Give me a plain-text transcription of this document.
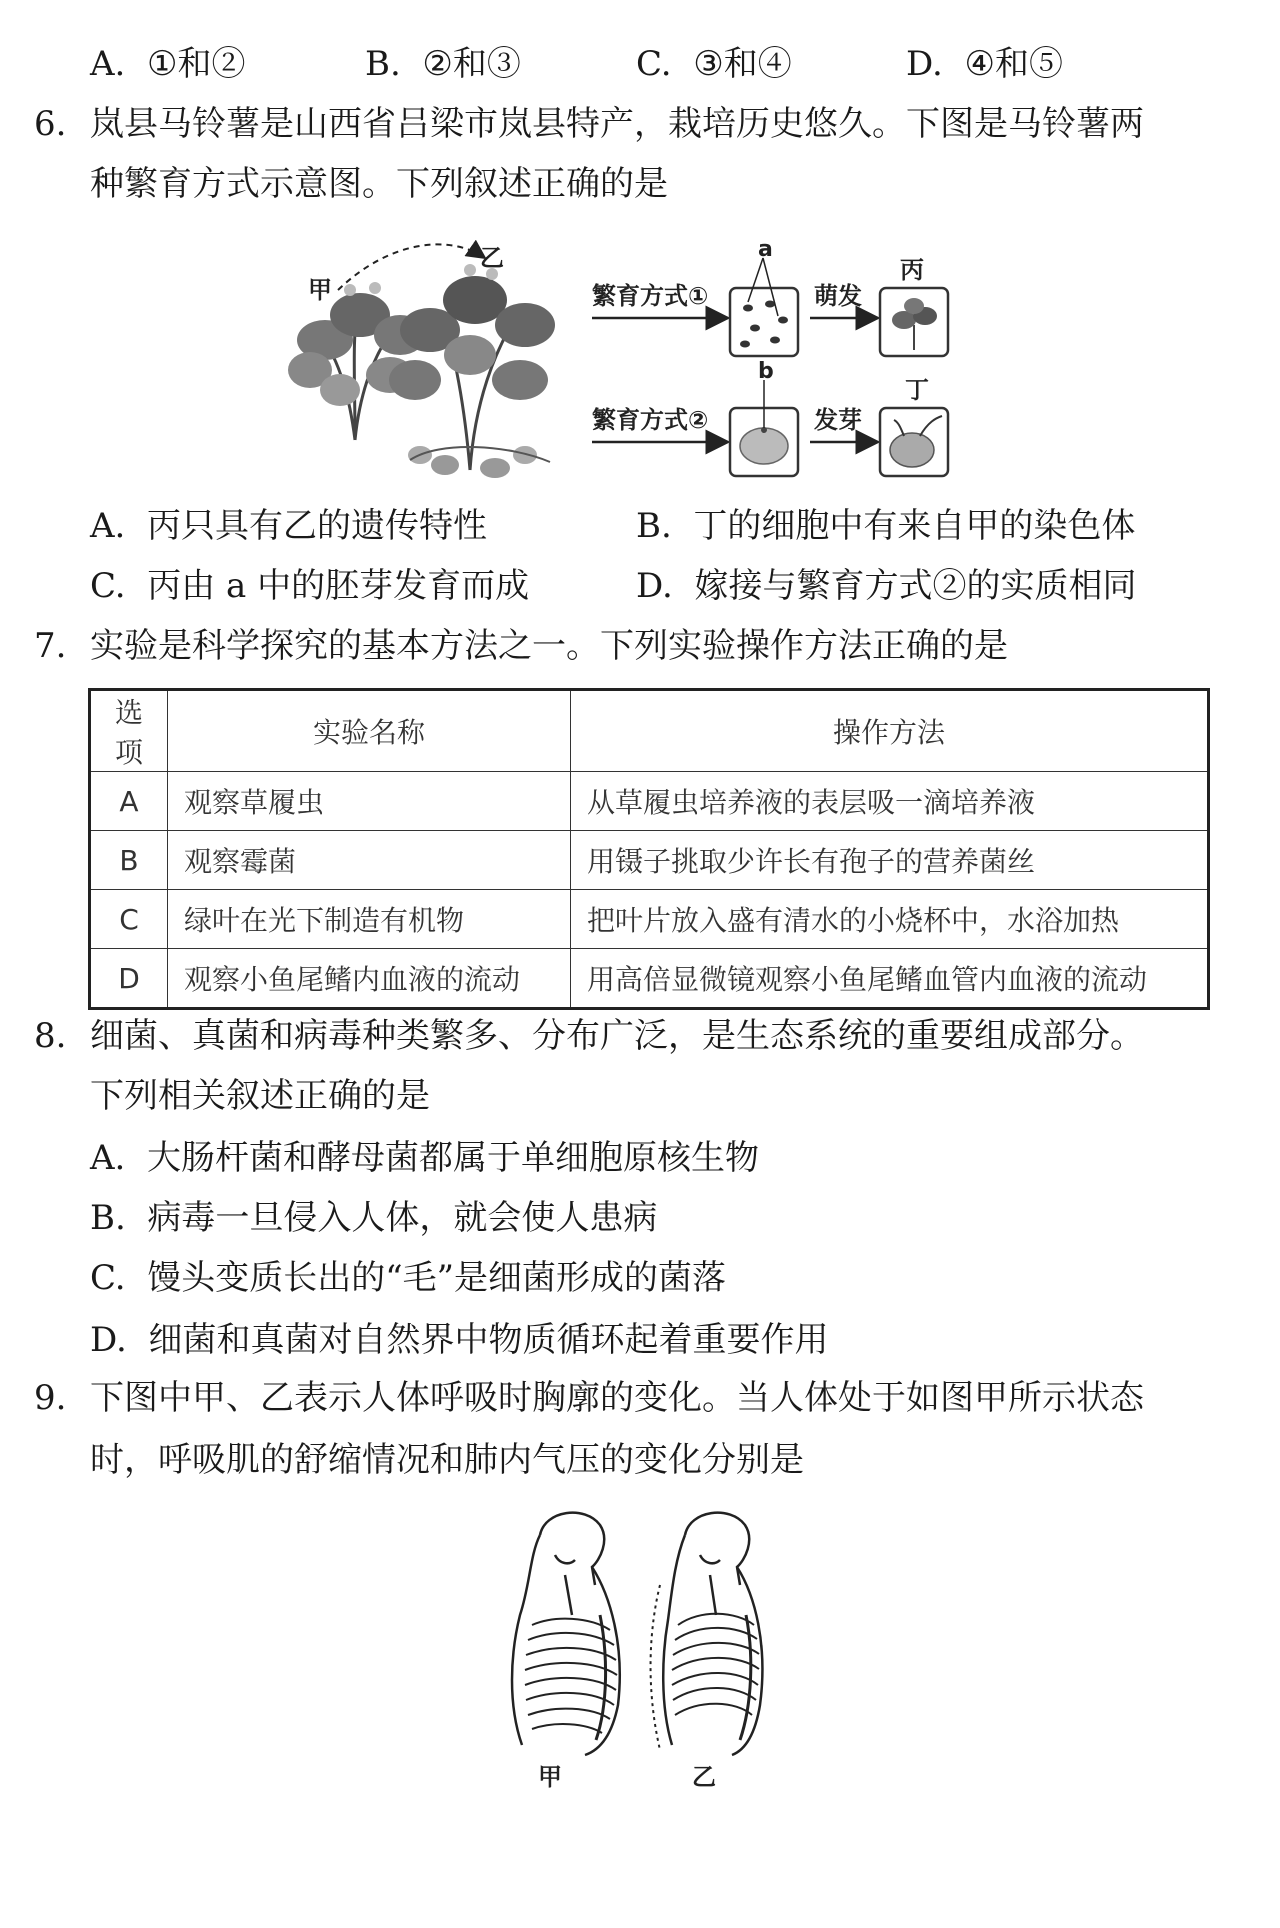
A. ①和②	B. ②和③	C. ③和④	D. ④和⑤
6. 岚县马铃薯是山西省吕梁市岚县特产，栽培历史悠久。下图是马铃薯两
种繁育方式示意图。下列叙述正确的是
甲
乙
繁育方式①
a
萌发
丙
繁育方式②
b
发芽
丁
A. 丙只具有乙的遗传特性	B. 丁的细胞中有来自甲的染色体
C. 丙由 a 中的胚芽发育而成	D. 嫁接与繁育方式②的实质相同
7. 实验是科学探究的基本方法之一。下列实验操作方法正确的是
选项	实验名称	操作方法
A	观察草履虫	从草履虫培养液的表层吸一滴培养液
B	观察霉菌	用镊子挑取少许长有孢子的营养菌丝
C	绿叶在光下制造有机物	把叶片放入盛有清水的小烧杯中，水浴加热
D	观察小鱼尾鳍内血液的流动	用高倍显微镜观察小鱼尾鳍血管内血液的流动
8. 细菌、真菌和病毒种类繁多、分布广泛，是生态系统的重要组成部分。
下列相关叙述正确的是
A. 大肠杆菌和酵母菌都属于单细胞原核生物
B. 病毒一旦侵入人体，就会使人患病
C. 馒头变质长出的“毛”是细菌形成的菌落
D. 细菌和真菌对自然界中物质循环起着重要作用
9. 下图中甲、乙表示人体呼吸时胸廓的变化。当人体处于如图甲所示状态
时，呼吸肌的舒缩情况和肺内气压的变化分别是
甲	乙
